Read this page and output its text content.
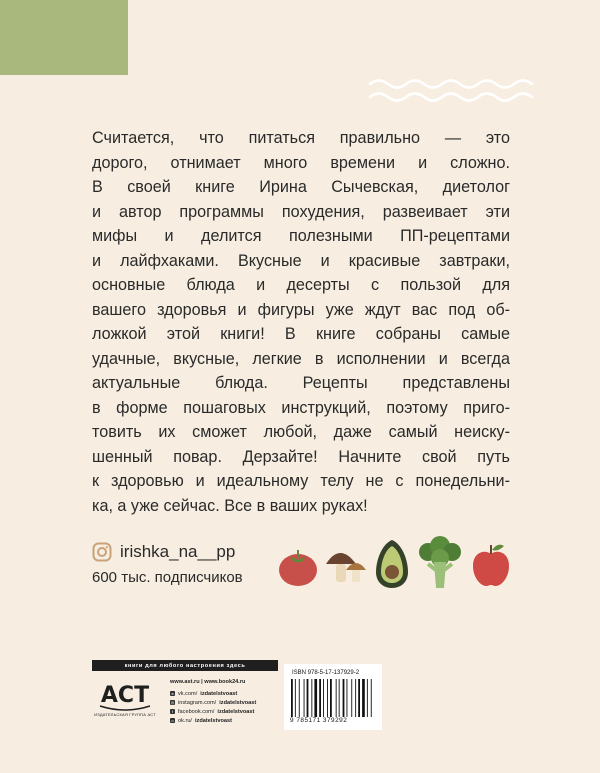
Считается, что питаться правильно — это
дорого, отнимает много времени и сложно.
В своей книге Ирина Сычевская, диетолог
и автор программы похудения, развеивает эти
мифы и делится полезными ПП-рецептами
и лайфхаками. Вкусные и красивые завтраки,
основные блюда и десерты с пользой для
вашего здоровья и фигуры уже ждут вас под об-
ложкой этой книги! В книге собраны самые
удачные, вкусные, легкие в исполнении и всегда
актуальные блюда. Рецепты представлены
в форме пошаговых инструкций, поэтому приго-
товить их сможет любой, даже самый неиску-
шенный повар. Дерзайте! Начните свой путь
к здоровью и идеальному телу не с понедельни-
ка, а уже сейчас. Все в ваших руках!
irishka_na__pp
600 тыс. подписчиков
книги для любого настроения здесь
АСТ
ИЗДАТЕЛЬСКАЯ ГРУППА АСТ
www.ast.ru | www.book24.ru
в vk.com/ izdatelstvoast
◎ instagram.com/ izdatelstvoast
f facebook.com/ izdatelstvoast
o ok.ru/ izdatelstvoast
ISBN 978-5-17-137929-2
9 785171 379292
